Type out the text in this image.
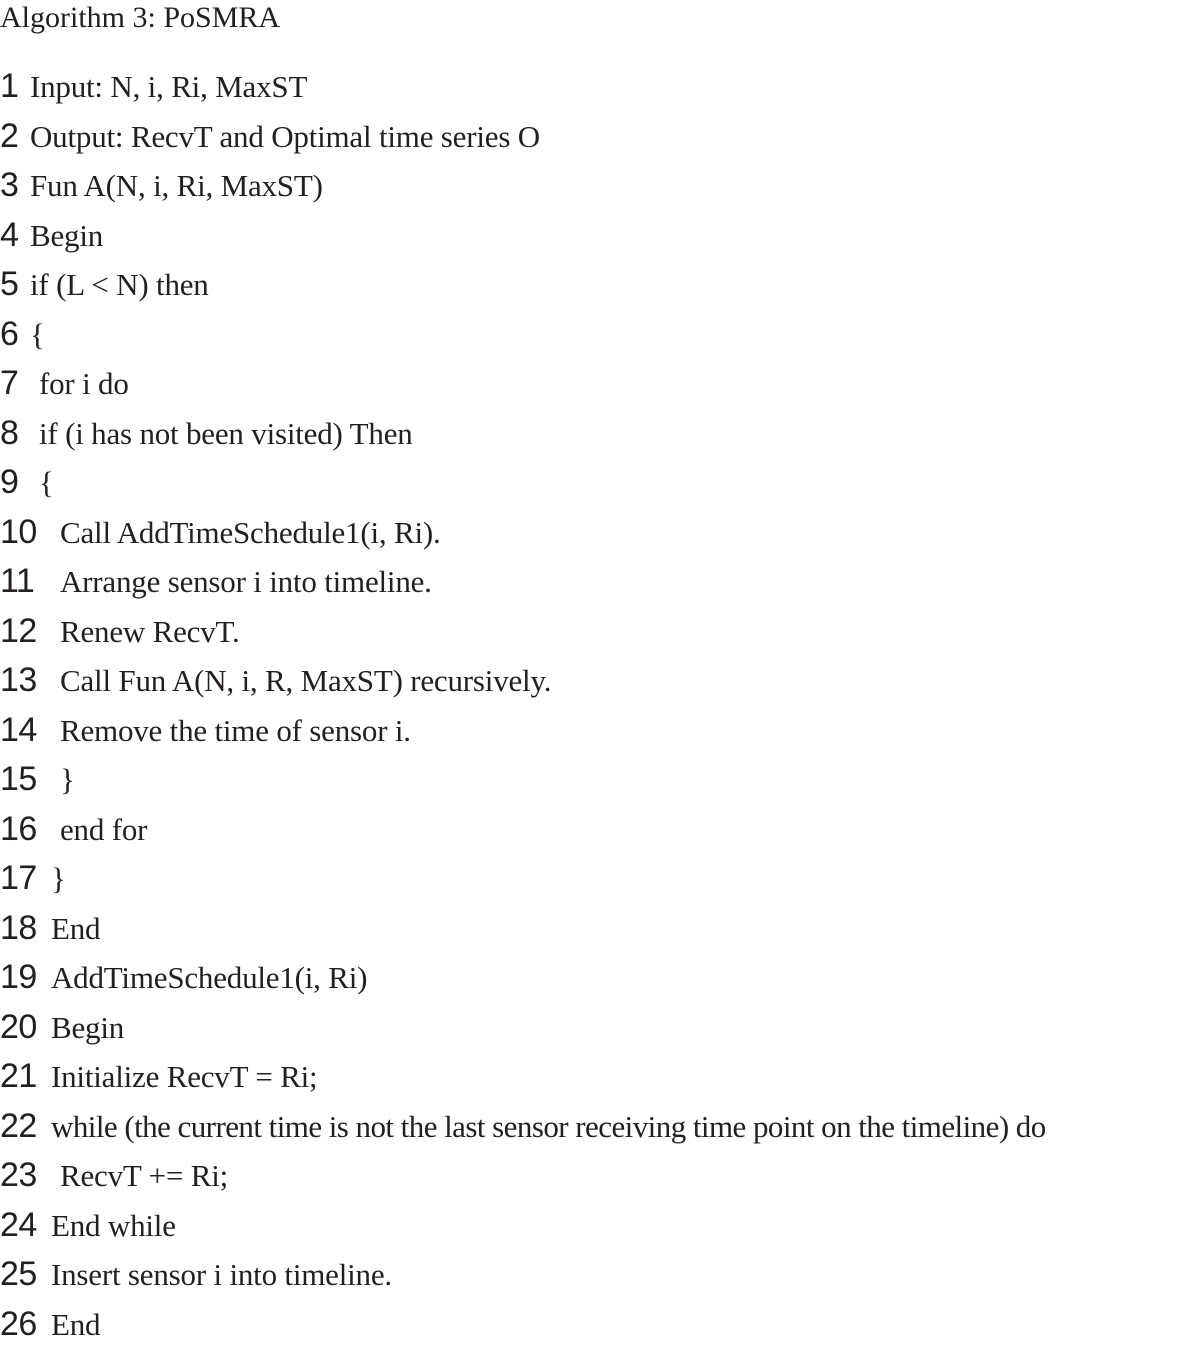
Algorithm 3: PoSMRA
1 Input: N, i, Ri, MaxST
2 Output: RecvT and Optimal time series O
3 Fun A(N, i, Ri, MaxST)
4 Begin
5 if (L < N) then
6 {
7 for i do
8 if (i has not been visited) Then
9 {
10 Call AddTimeSchedule1(i, Ri).
11 Arrange sensor i into timeline.
12 Renew RecvT.
13 Call Fun A(N, i, R, MaxST) recursively.
14 Remove the time of sensor i.
15 }
16 end for
17 }
18 End
19 AddTimeSchedule1(i, Ri)
20 Begin
21 Initialize RecvT = Ri;
22 while (the current time is not the last sensor receiving time point on the timeline) do
23 RecvT += Ri;
24 End while
25 Insert sensor i into timeline.
26 End
